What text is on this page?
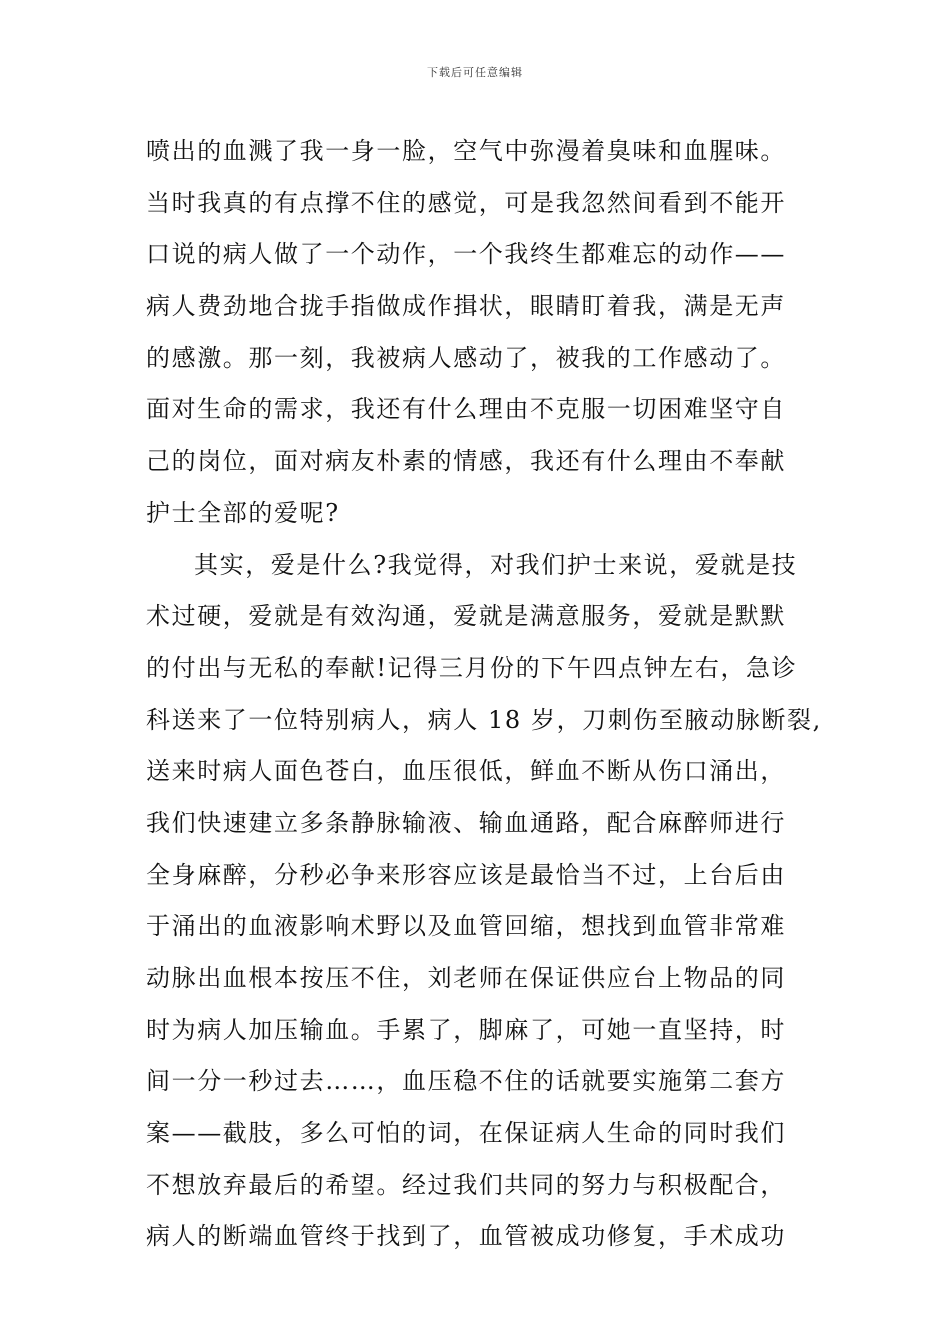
下载后可任意编辑
喷出的血溅了我一身一脸，空气中弥漫着臭味和血腥味。
当时我真的有点撑不住的感觉，可是我忽然间看到不能开
口说的病人做了一个动作，一个我终生都难忘的动作——
病人费劲地合拢手指做成作揖状，眼睛盯着我，满是无声
的感激。那一刻，我被病人感动了，被我的工作感动了。
面对生命的需求，我还有什么理由不克服一切困难坚守自
己的岗位，面对病友朴素的情感，我还有什么理由不奉献
护士全部的爱呢?
其实，爱是什么?我觉得，对我们护士来说，爱就是技
术过硬，爱就是有效沟通，爱就是满意服务，爱就是默默
的付出与无私的奉献!记得三月份的下午四点钟左右，急诊
科送来了一位特别病人，病人 18 岁，刀刺伤至腋动脉断裂,
送来时病人面色苍白，血压很低，鲜血不断从伤口涌出，
我们快速建立多条静脉输液、输血通路，配合麻醉师进行
全身麻醉，分秒必争来形容应该是最恰当不过，上台后由
于涌出的血液影响术野以及血管回缩，想找到血管非常难
动脉出血根本按压不住，刘老师在保证供应台上物品的同
时为病人加压输血。手累了，脚麻了，可她一直坚持，时
间一分一秒过去……，血压稳不住的话就要实施第二套方
案——截肢，多么可怕的词，在保证病人生命的同时我们
不想放弃最后的希望。经过我们共同的努力与积极配合，
病人的断端血管终于找到了，血管被成功修复，手术成功
